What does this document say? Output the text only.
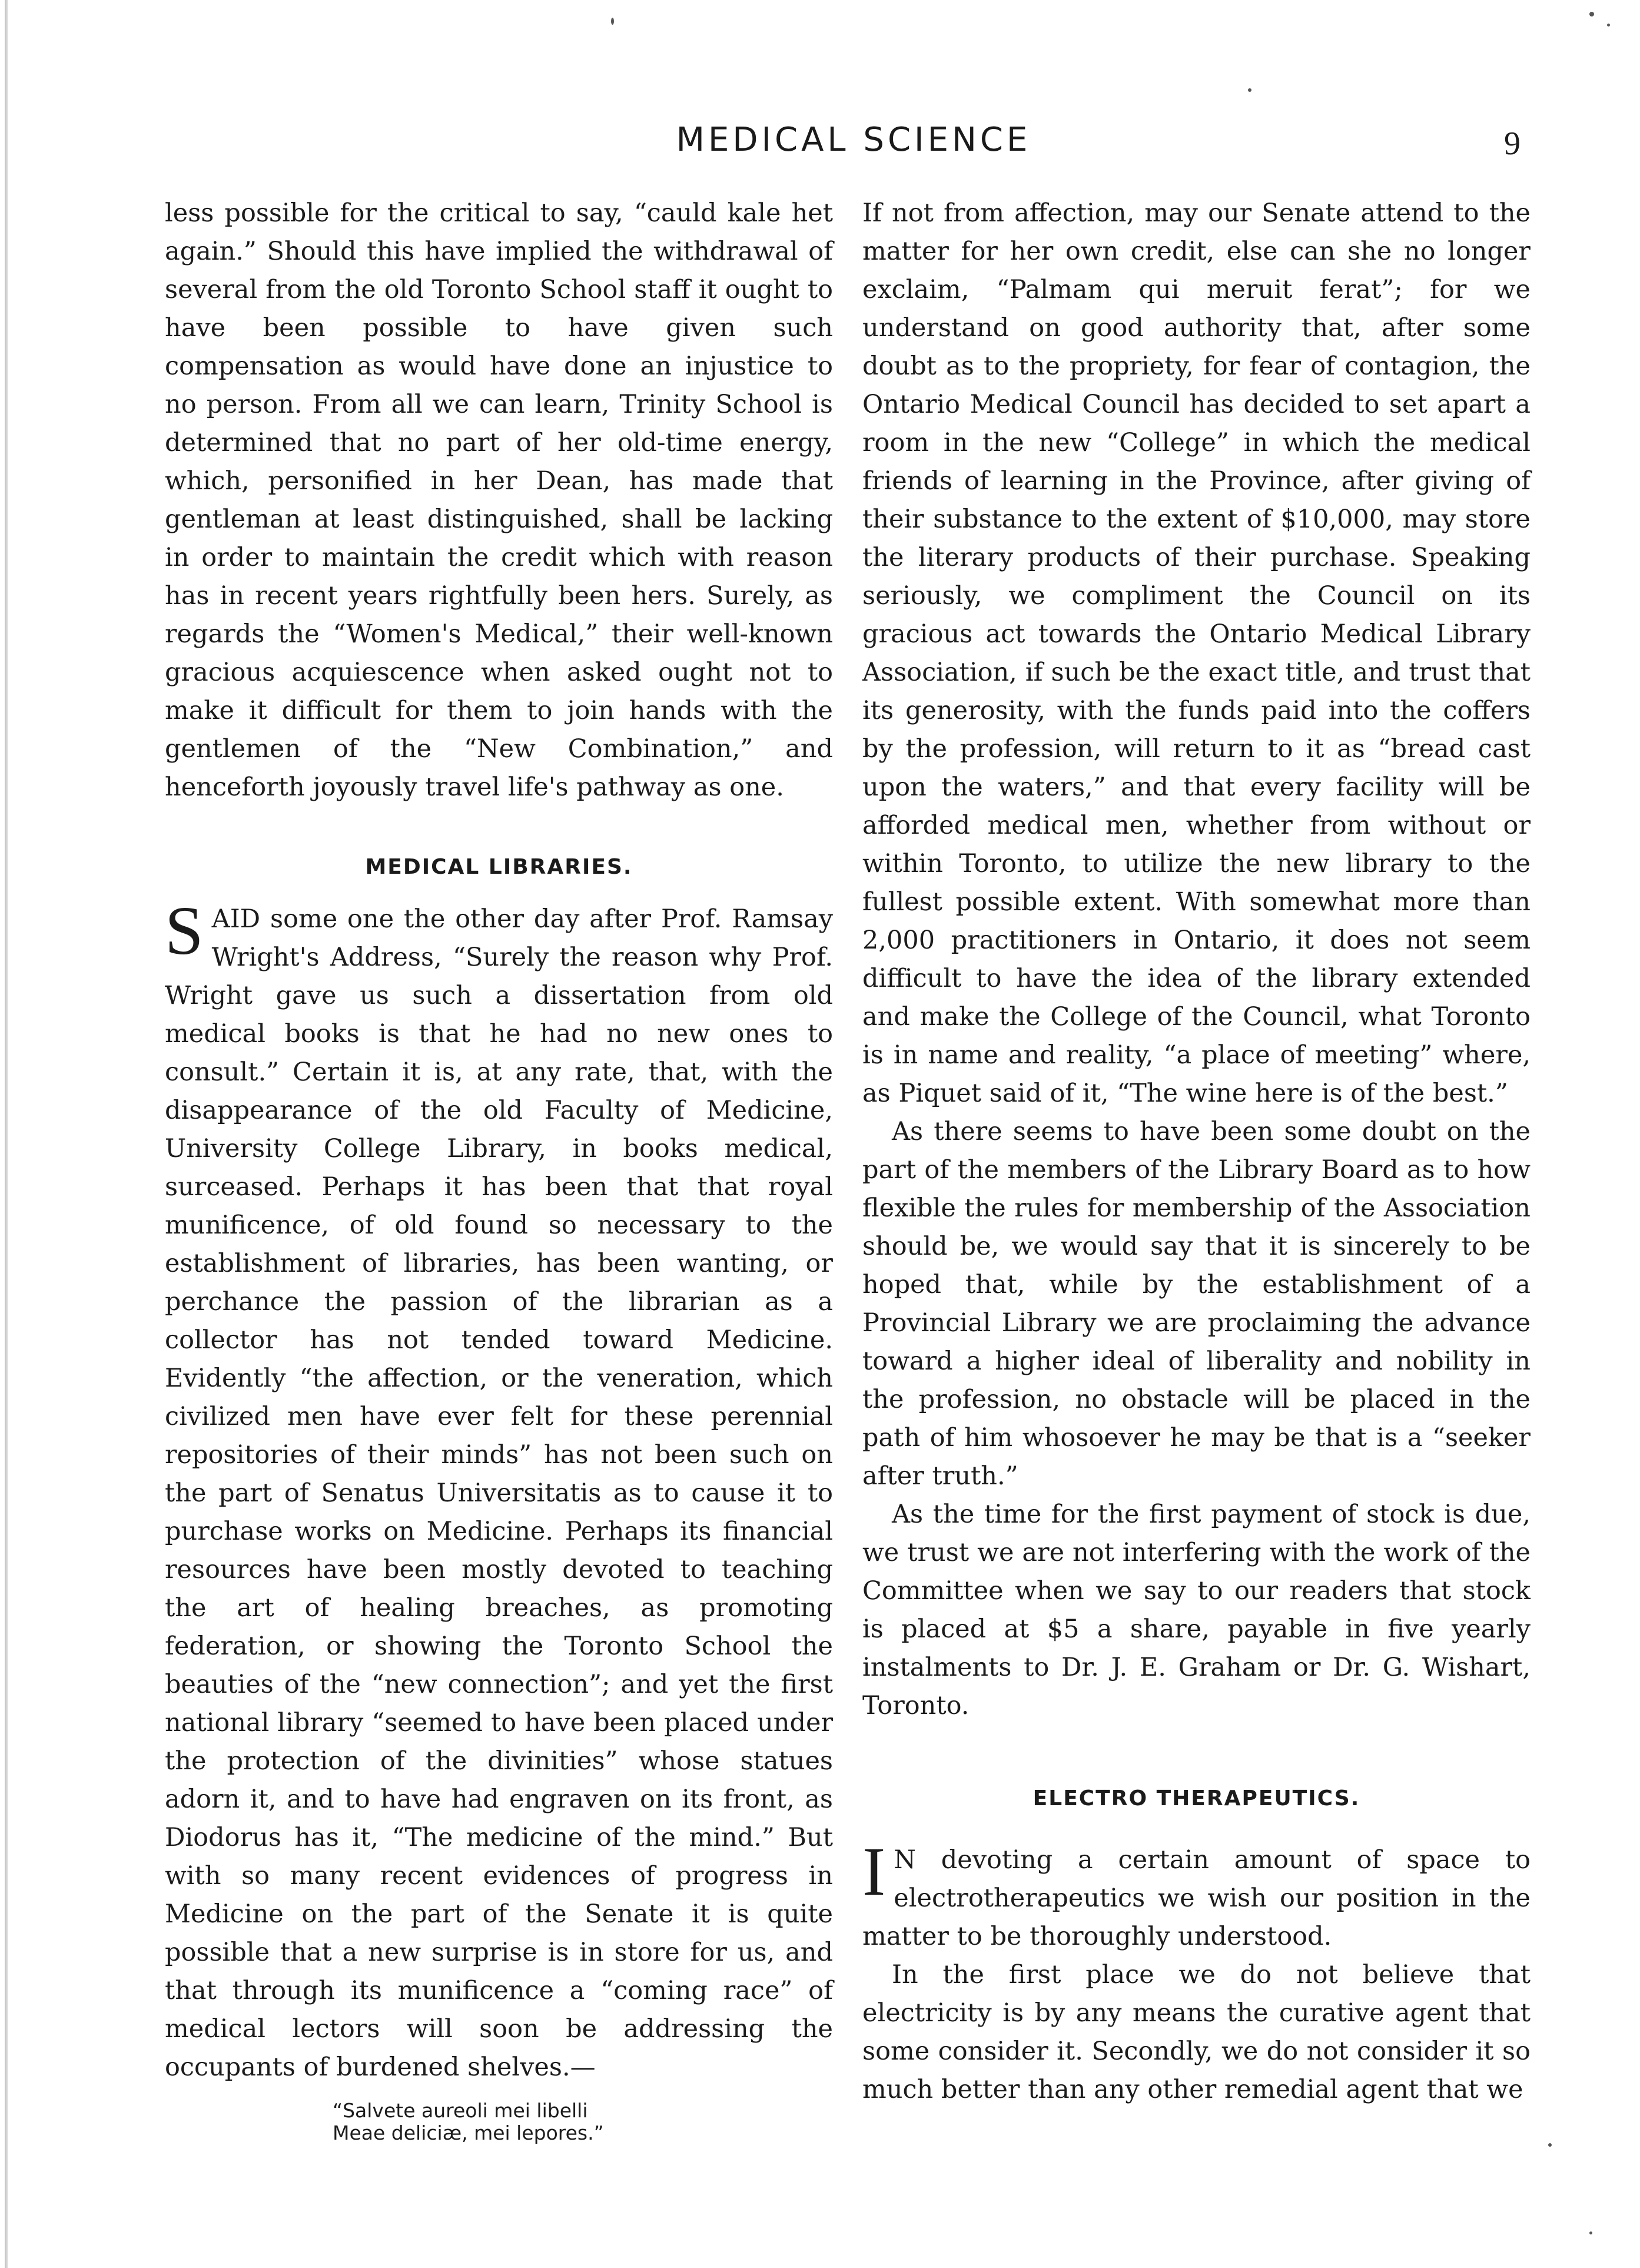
MEDICAL SCIENCE	9

less possible for the critical to say, “cauld kale het again.” Should this have implied the withdrawal of several from the old Toronto School staff it ought to have been possible to have given such compensation as would have done an injustice to no person. From all we can learn, Trinity School is determined that no part of her old-time energy, which, personified in her Dean, has made that gentleman at least distinguished, shall be lacking in order to maintain the credit which with reason has in recent years rightfully been hers. Surely, as regards the “Women's Medical,” their well-known gracious acquiescence when asked ought not to make it difficult for them to join hands with the gentlemen of the “New Combination,” and henceforth joyously travel life's pathway as one.

MEDICAL LIBRARIES.

S AID some one the other day after Prof. Ramsay Wright's Address, “Surely the reason why Prof. Wright gave us such a dissertation from old medical books is that he had no new ones to consult.” Certain it is, at any rate, that, with the disappearance of the old Faculty of Medicine, University College Library, in books medical, surceased. Perhaps it has been that that royal munificence, of old found so necessary to the establishment of libraries, has been wanting, or perchance the passion of the librarian as a collector has not tended toward Medicine. Evidently “the affection, or the veneration, which civilized men have ever felt for these perennial repositories of their minds” has not been such on the part of Senatus Universitatis as to cause it to purchase works on Medicine. Perhaps its financial resources have been mostly devoted to teaching the art of healing breaches, as promoting federation, or showing the Toronto School the beauties of the “new connection”; and yet the first national library “seemed to have been placed under the protection of the divinities” whose statues adorn it, and to have had engraven on its front, as Diodorus has it, “The medicine of the mind.” But with so many recent evidences of progress in Medicine on the part of the Senate it is quite possible that a new surprise is in store for us, and that through its munificence a “coming race” of medical lectors will soon be addressing the occupants of burdened shelves.—

“Salvete aureoli mei libelli
Meae deliciæ, mei lepores.”

If not from affection, may our Senate attend to the matter for her own credit, else can she no longer exclaim, “Palmam qui meruit ferat”; for we understand on good authority that, after some doubt as to the propriety, for fear of contagion, the Ontario Medical Council has decided to set apart a room in the new “College” in which the medical friends of learning in the Province, after giving of their substance to the extent of $10,000, may store the literary products of their purchase. Speaking seriously, we compliment the Council on its gracious act towards the Ontario Medical Library Association, if such be the exact title, and trust that its generosity, with the funds paid into the coffers by the profession, will return to it as “bread cast upon the waters,” and that every facility will be afforded medical men, whether from without or within Toronto, to utilize the new library to the fullest possible extent. With somewhat more than 2,000 practitioners in Ontario, it does not seem difficult to have the idea of the library extended and make the College of the Council, what Toronto is in name and reality, “a place of meeting” where, as Piquet said of it, “The wine here is of the best.”

As there seems to have been some doubt on the part of the members of the Library Board as to how flexible the rules for membership of the Association should be, we would say that it is sincerely to be hoped that, while by the establishment of a Provincial Library we are proclaiming the advance toward a higher ideal of liberality and nobility in the profession, no obstacle will be placed in the path of him whosoever he may be that is a “seeker after truth.”

As the time for the first payment of stock is due, we trust we are not interfering with the work of the Committee when we say to our readers that stock is placed at $5 a share, payable in five yearly instalments to Dr. J. E. Graham or Dr. G. Wishart, Toronto.

ELECTRO THERAPEUTICS.

I N devoting a certain amount of space to electrotherapeutics we wish our position in the matter to be thoroughly understood.

In the first place we do not believe that electricity is by any means the curative agent that some consider it. Secondly, we do not consider it so much better than any other remedial agent that we
